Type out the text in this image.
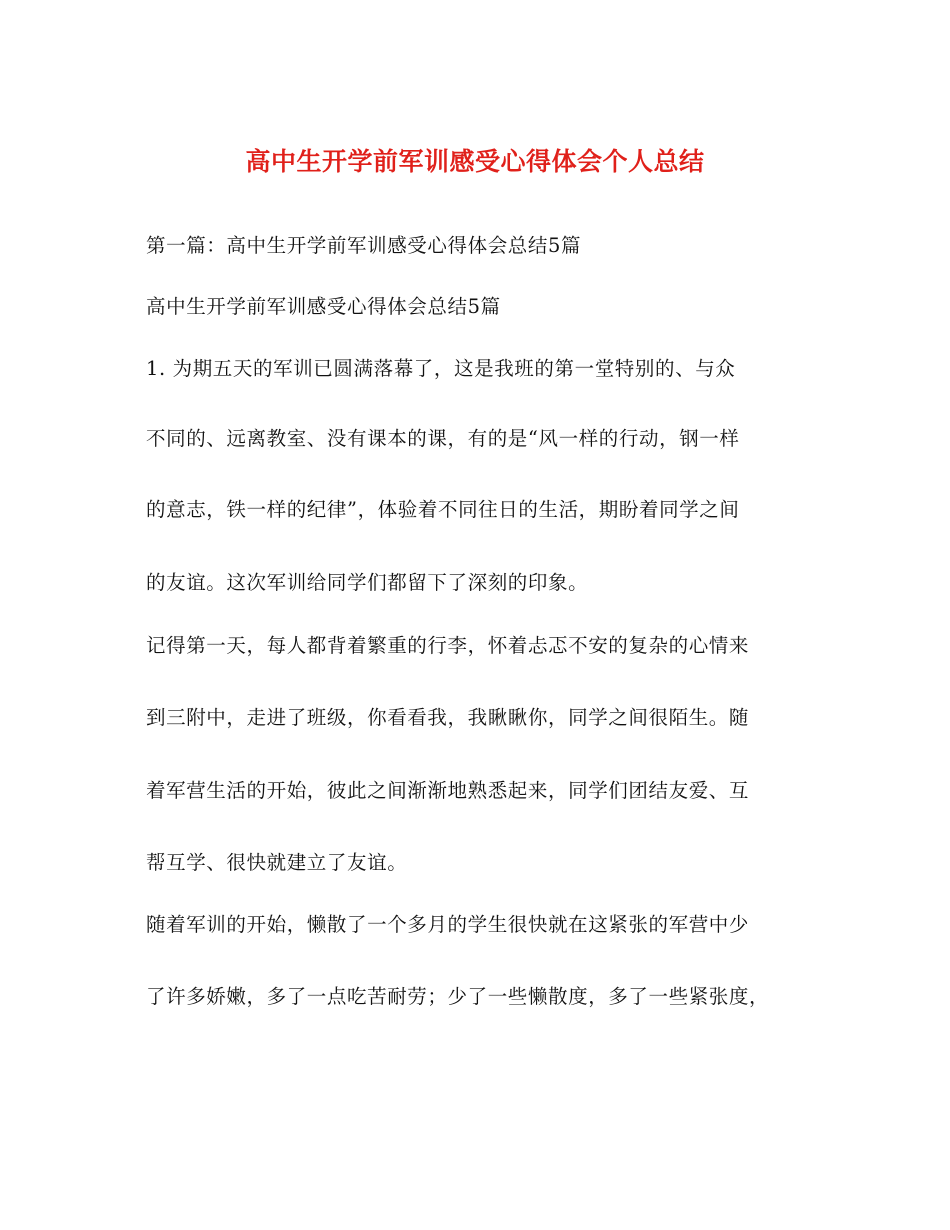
高中生开学前军训感受心得体会个人总结
第一篇：高中生开学前军训感受心得体会总结5篇
高中生开学前军训感受心得体会总结5篇
1. 为期五天的军训已圆满落幕了，这是我班的第一堂特别的、与众
不同的、远离教室、没有课本的课，有的是“风一样的行动，钢一样
的意志，铁一样的纪律”，体验着不同往日的生活，期盼着同学之间
的友谊。这次军训给同学们都留下了深刻的印象。
记得第一天，每人都背着繁重的行李，怀着忐忑不安的复杂的心情来
到三附中，走进了班级，你看看我，我瞅瞅你，同学之间很陌生。随
着军营生活的开始，彼此之间渐渐地熟悉起来，同学们团结友爱、互
帮互学、很快就建立了友谊。
随着军训的开始，懒散了一个多月的学生很快就在这紧张的军营中少
了许多娇嫩，多了一点吃苦耐劳；少了一些懒散度，多了一些紧张度，
